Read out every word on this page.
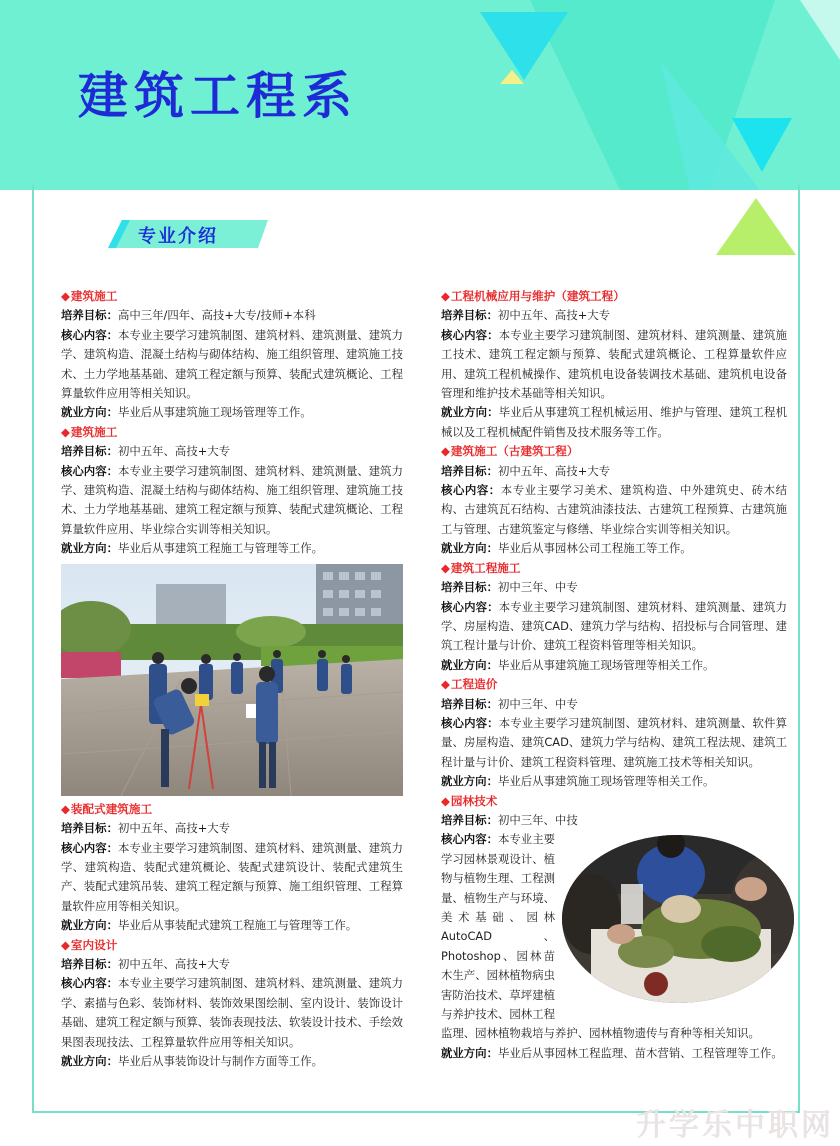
建筑工程系
专业介绍
◆建筑施工

培养目标：高中三年/四年、高技+大专/技师+本科

核心内容：本专业主要学习建筑制图、建筑材料、建筑测量、建筑力学、建筑构造、混凝土结构与砌体结构、施工组织管理、建筑施工技术、土力学地基基础、建筑工程定额与预算、装配式建筑概论、工程算量软件应用等相关知识。

就业方向：毕业后从事建筑施工现场管理等工作。

◆建筑施工

培养目标：初中五年、高技+大专

核心内容：本专业主要学习建筑制图、建筑材料、建筑测量、建筑力学、建筑构造、混凝土结构与砌体结构、施工组织管理、建筑施工技术、土力学地基基础、建筑工程定额与预算、装配式建筑概论、工程算量软件应用、毕业综合实训等相关知识。

就业方向：毕业后从事建筑工程施工与管理等工作。

◆装配式建筑施工

培养目标：初中五年、高技+大专

核心内容：本专业主要学习建筑制图、建筑材料、建筑测量、建筑力学、建筑构造、装配式建筑概论、装配式建筑设计、装配式建筑生产、装配式建筑吊装、建筑工程定额与预算、施工组织管理、工程算量软件应用等相关知识。

就业方向：毕业后从事装配式建筑工程施工与管理等工作。

◆室内设计

培养目标：初中五年、高技+大专

核心内容：本专业主要学习建筑制图、建筑材料、建筑测量、建筑力学、素描与色彩、装饰材料、装饰效果图绘制、室内设计、装饰设计基础、建筑工程定额与预算、装饰表现技法、软装设计技术、手绘效果图表现技法、工程算量软件应用等相关知识。

就业方向：毕业后从事装饰设计与制作方面等工作。

◆工程机械应用与维护（建筑工程）

培养目标：初中五年、高技+大专

核心内容：本专业主要学习建筑制图、建筑材料、建筑测量、建筑施工技术、建筑工程定额与预算、装配式建筑概论、工程算量软件应用、建筑工程机械操作、建筑机电设备装调技术基础、建筑机电设备管理和维护技术基础等相关知识。

就业方向：毕业后从事建筑工程机械运用、维护与管理、建筑工程机械以及工程机械配件销售及技术服务等工作。

◆建筑施工（古建筑工程）

培养目标：初中五年、高技+大专

核心内容：本专业主要学习美术、建筑构造、中外建筑史、砖木结构、古建筑瓦石结构、古建筑油漆技法、古建筑工程预算、古建筑施工与管理、古建筑鉴定与修缮、毕业综合实训等相关知识。

就业方向：毕业后从事园林公司工程施工等工作。

◆建筑工程施工

培养目标：初中三年、中专

核心内容：本专业主要学习建筑制图、建筑材料、建筑测量、建筑力学、房屋构造、建筑CAD、建筑力学与结构、招投标与合同管理、建筑工程计量与计价、建筑工程资料管理等相关知识。

就业方向：毕业后从事建筑施工现场管理等相关工作。

◆工程造价

培养目标：初中三年、中专

核心内容：本专业主要学习建筑制图、建筑材料、建筑测量、软件算量、房屋构造、建筑CAD、建筑力学与结构、建筑工程法规、建筑工程计量与计价、建筑工程资料管理、建筑施工技术等相关知识。

就业方向：毕业后从事建筑施工现场管理等相关工作。

◆园林技术

培养目标：初中三年、中技

核心内容：本专业主要学习园林景观设计、植物与植物生理、工程测量、植物生产与环境、美术基础、园林AutoCAD、Photoshop、园林苗木生产、园林植物病虫害防治技术、草坪建植与养护技术、园林工程监理、园林植物栽培与养护、园林植物遗传与育种等相关知识。

就业方向：毕业后从事园林工程监理、苗木营销、工程管理等工作。

升学乐中职网
